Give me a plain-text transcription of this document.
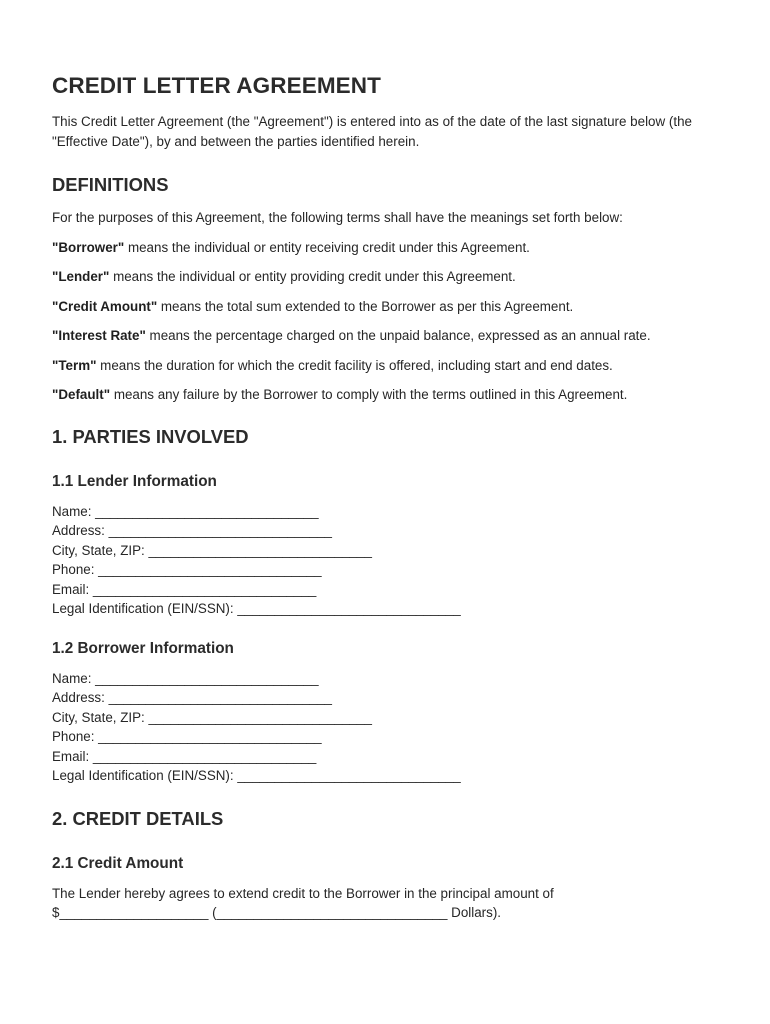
CREDIT LETTER AGREEMENT

This Credit Letter Agreement (the "Agreement") is entered into as of the date of the last signature below (the "Effective Date"), by and between the parties identified herein.

DEFINITIONS

For the purposes of this Agreement, the following terms shall have the meanings set forth below:

"Borrower" means the individual or entity receiving credit under this Agreement.

"Lender" means the individual or entity providing credit under this Agreement.

"Credit Amount" means the total sum extended to the Borrower as per this Agreement.

"Interest Rate" means the percentage charged on the unpaid balance, expressed as an annual rate.

"Term" means the duration for which the credit facility is offered, including start and end dates.

"Default" means any failure by the Borrower to comply with the terms outlined in this Agreement.

1. PARTIES INVOLVED
1.1 Lender Information

Name: ______________________________

Address: ______________________________

City, State, ZIP: ______________________________

Phone: ______________________________

Email: ______________________________

Legal Identification (EIN/SSN): ______________________________

1.2 Borrower Information

Name: ______________________________

Address: ______________________________

City, State, ZIP: ______________________________

Phone: ______________________________

Email: ______________________________

Legal Identification (EIN/SSN): ______________________________

2. CREDIT DETAILS
2.1 Credit Amount

The Lender hereby agrees to extend credit to the Borrower in the principal amount of

$____________________ (_______________________________ Dollars).
